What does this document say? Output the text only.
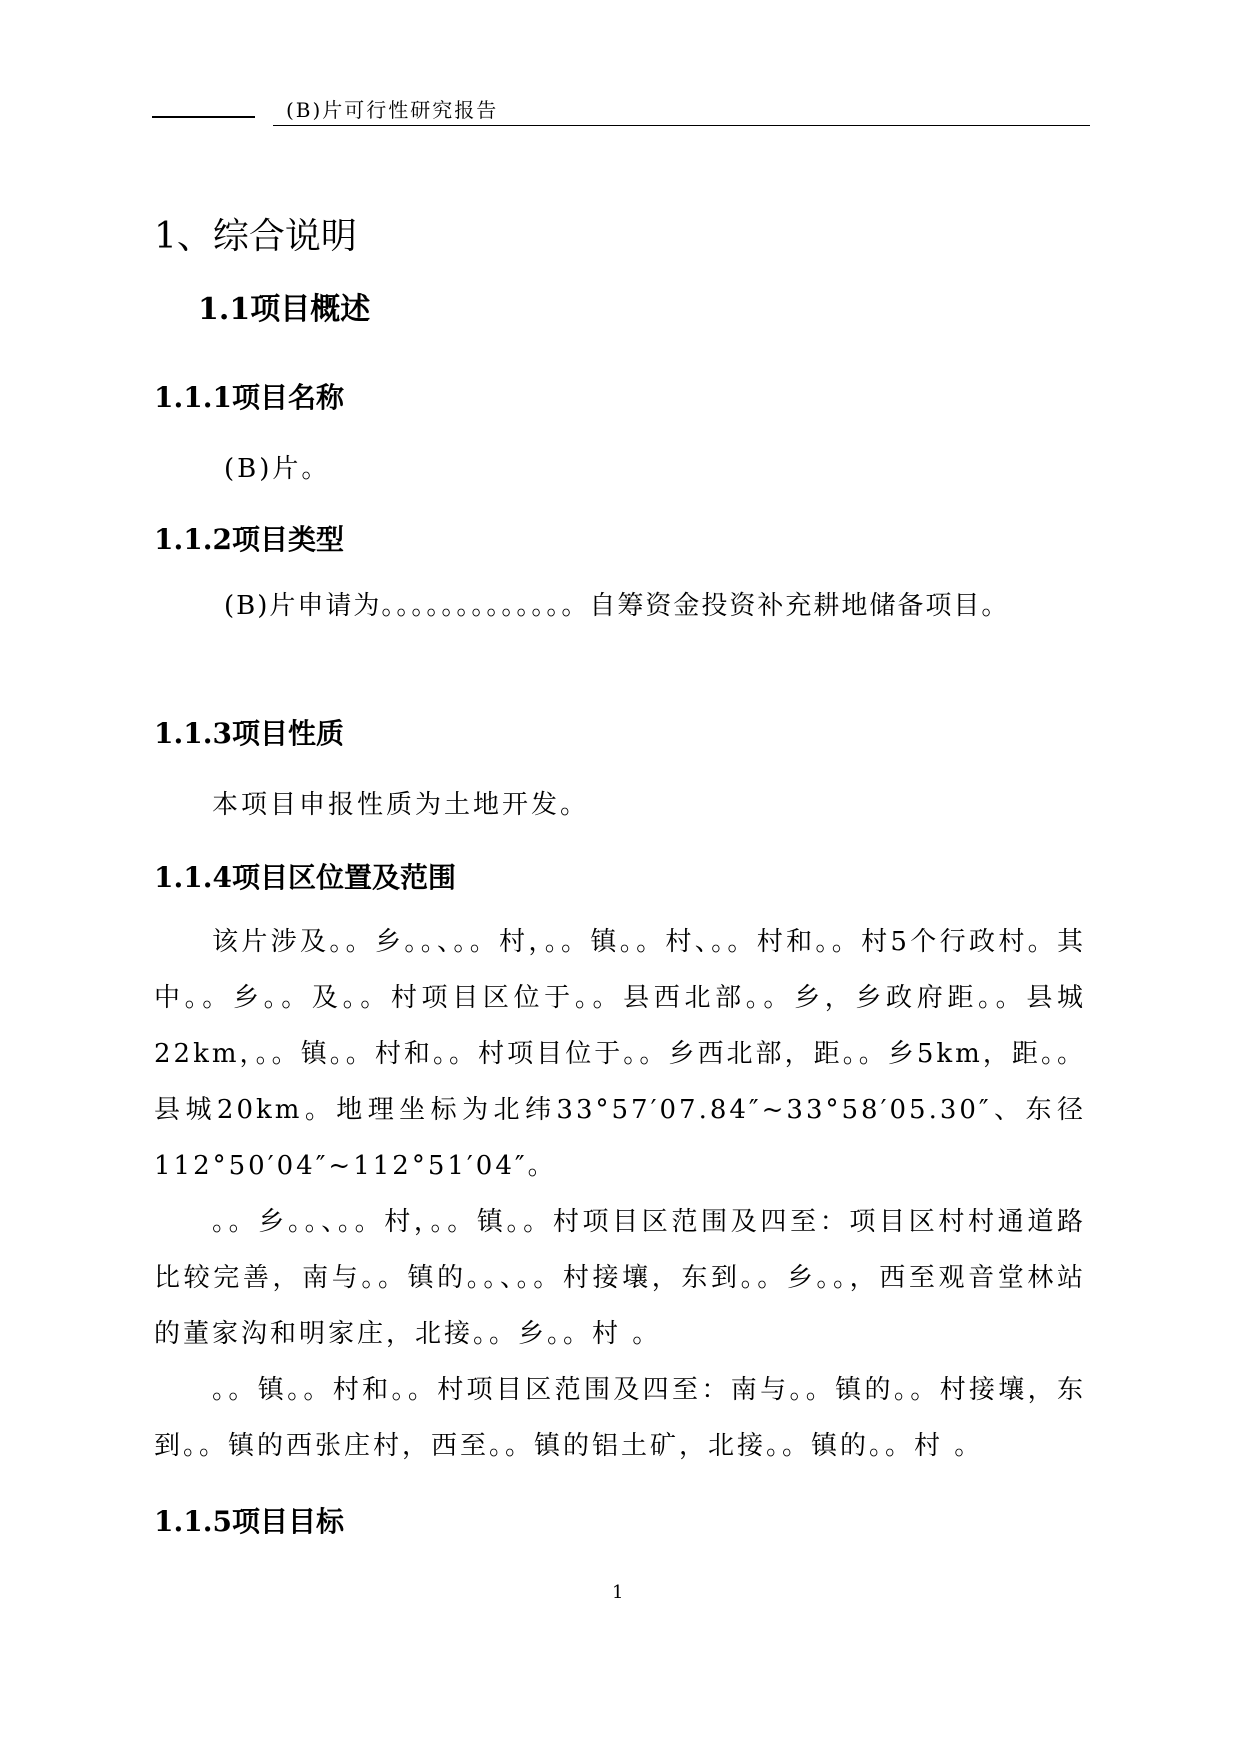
(B)片可行性研究报告
1、综合说明
1.1项目概述
1.1.1项目名称
(B)片。
1.1.2项目类型
(B)片申请为。。。。。。。。。。。。。自筹资金投资补充耕地储备项目。
1.1.3项目性质
本项目申报性质为土地开发。
1.1.4项目区位置及范围
该片涉及。。乡。。、。。村，。。镇。。村、。。村和。。村5个行政村。其中。。乡。。及。。村项目区位于。。县西北部。。乡，乡政府距。。县城22km，。。镇。。村和。。村项目位于。。乡西北部，距。。乡5km，距。。县城20km。地理坐标为北纬33°57′07.84″~33°58′05.30″、东径112°50′04″~112°51′04″。
。。乡。。、。。村，。。镇。。村项目区范围及四至：项目区村村通道路比较完善，南与。。镇的。。、。。村接壤，东到。。乡。。，西至观音堂林站的董家沟和明家庄，北接。。乡。。村 。
。。镇。。村和。。村项目区范围及四至：南与。。镇的。。村接壤，东到。。镇的西张庄村，西至。。镇的铝土矿，北接。。镇的。。村 。
1.1.5项目目标
1
